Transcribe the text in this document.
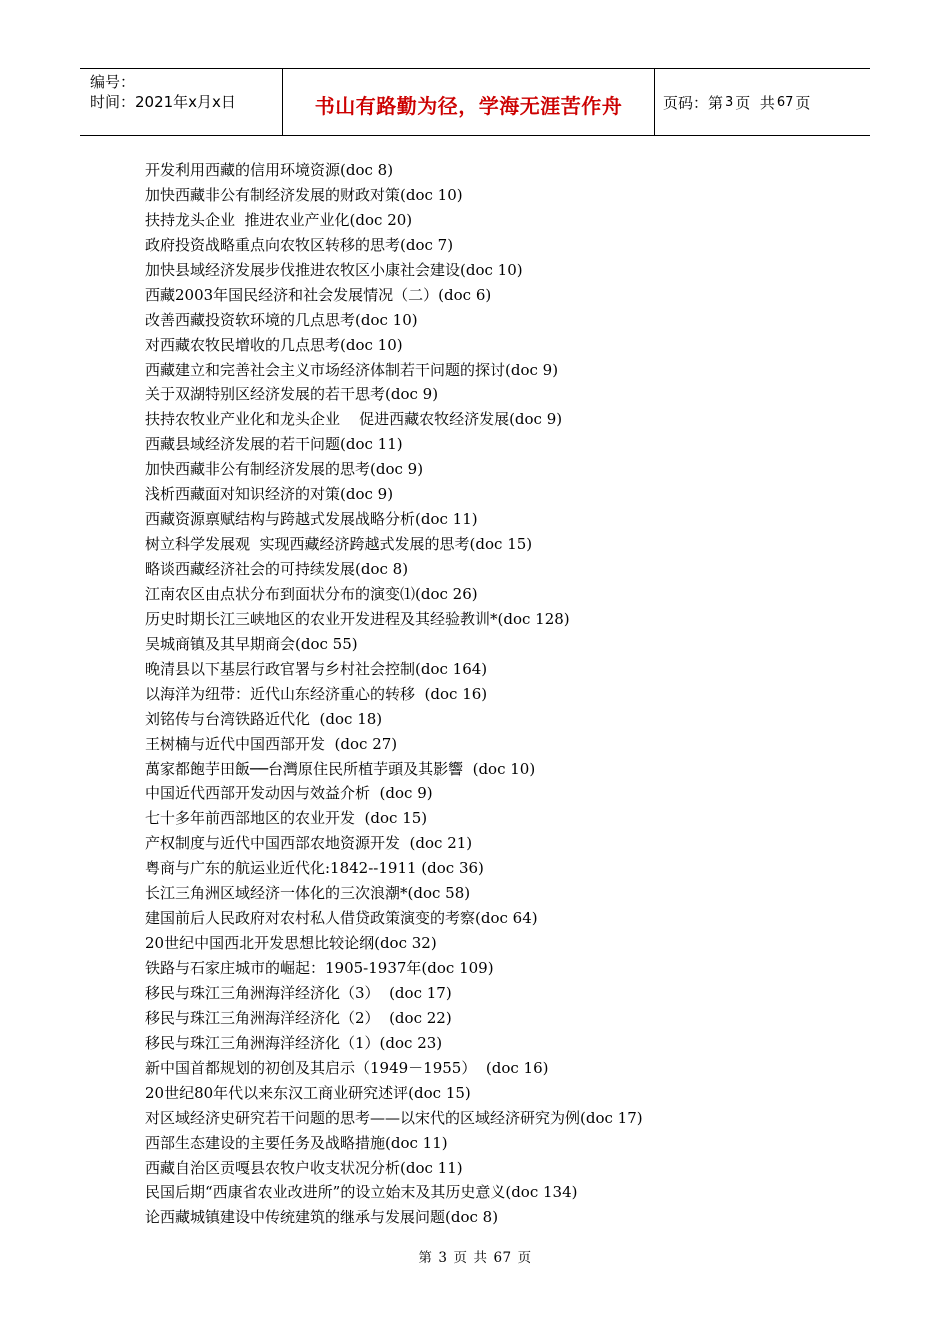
编号：
时间：2021年x月x日	书山有路勤为径，学海无涯苦作舟	页码：第 3 页  共 67 页
开发利用西藏的信用环境资源(doc 8)
加快西藏非公有制经济发展的财政对策(doc 10)
扶持龙头企业  推进农业产业化(doc 20)
政府投资战略重点向农牧区转移的思考(doc 7)
加快县域经济发展步伐推进农牧区小康社会建设(doc 10)
西藏2003年国民经济和社会发展情况（二）(doc 6)
改善西藏投资软环境的几点思考(doc 10)
对西藏农牧民增收的几点思考(doc 10)
西藏建立和完善社会主义市场经济体制若干问题的探讨(doc 9)
关于双湖特别区经济发展的若干思考(doc 9)
扶持农牧业产业化和龙头企业    促进西藏农牧经济发展(doc 9)
西藏县域经济发展的若干问题(doc 11)
加快西藏非公有制经济发展的思考(doc 9)
浅析西藏面对知识经济的对策(doc 9)
西藏资源禀赋结构与跨越式发展战略分析(doc 11)
树立科学发展观  实现西藏经济跨越式发展的思考(doc 15)
略谈西藏经济社会的可持续发展(doc 8)
江南农区由点状分布到面状分布的演变⑴(doc 26)
历史时期长江三峡地区的农业开发进程及其经验教训*(doc 128)
吴城商镇及其早期商会(doc 55)
晚清县以下基层行政官署与乡村社会控制(doc 164)
以海洋为纽带：近代山东经济重心的转移  (doc 16)
刘铭传与台湾铁路近代化  (doc 18)
王树楠与近代中国西部开发  (doc 27)
萬家都飽芋田飯──台灣原住民所植芋頭及其影響  (doc 10)
中国近代西部开发动因与效益介析  (doc 9)
七十多年前西部地区的农业开发  (doc 15)
产权制度与近代中国西部农地资源开发  (doc 21)
粤商与广东的航运业近代化:1842--1911 (doc 36)
长江三角洲区域经济一体化的三次浪潮*(doc 58)
建国前后人民政府对农村私人借贷政策演变的考察(doc 64)
20世纪中国西北开发思想比较论纲(doc 32)
铁路与石家庄城市的崛起：1905-1937年(doc 109)
移民与珠江三角洲海洋经济化（3）  (doc 17)
移民与珠江三角洲海洋经济化（2）  (doc 22)
移民与珠江三角洲海洋经济化（1）(doc 23)
新中国首都规划的初创及其启示（1949－1955）  (doc 16)
20世纪80年代以来东汉工商业研究述评(doc 15)
对区域经济史研究若干问题的思考——以宋代的区域经济研究为例(doc 17)
西部生态建设的主要任务及战略措施(doc 11)
西藏自治区贡嘎县农牧户收支状况分析(doc 11)
民国后期“西康省农业改进所”的设立始末及其历史意义(doc 134)
论西藏城镇建设中传统建筑的继承与发展问题(doc 8)
第 3 页 共 67 页
